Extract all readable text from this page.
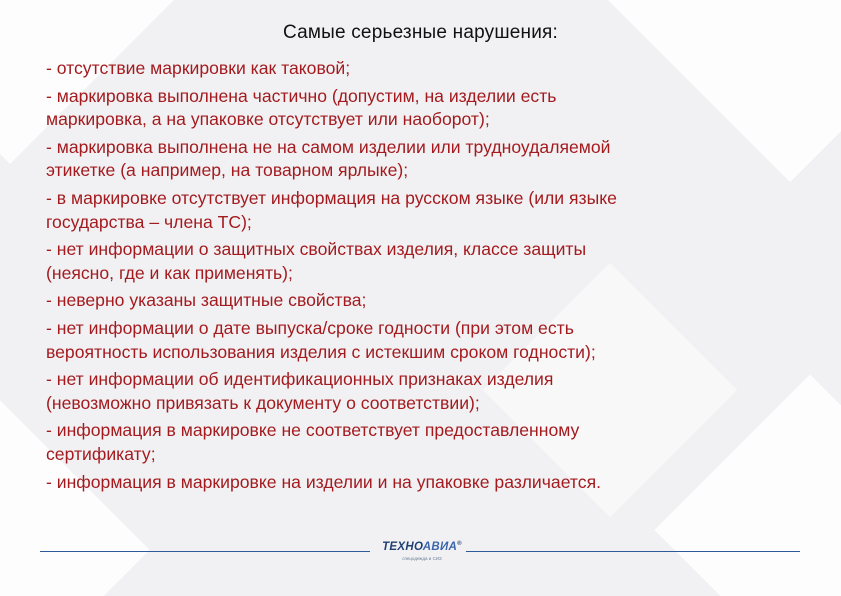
Самые серьезные нарушения:
- отсутствие маркировки как таковой;
- маркировка выполнена частично (допустим, на изделии есть
маркировка, а на упаковке отсутствует или наоборот);
- маркировка выполнена не на самом изделии или трудноудаляемой
этикетке (а например, на товарном ярлыке);
- в маркировке отсутствует информация на русском языке (или языке
государства – члена ТС);
- нет информации о защитных свойствах изделия, классе защиты
(неясно, где и как применять);
- неверно указаны защитные свойства;
- нет информации о дате выпуска/сроке годности (при этом есть
вероятность использования изделия с истекшим сроком годности);
- нет информации об идентификационных признаках изделия
(невозможно привязать к документу о соответствии);
- информация в маркировке не соответствует предоставленному
сертификату;
- информация в маркировке на изделии и на упаковке различается.
ТЕХНОАВИА®
спецодежда и СИЗ
